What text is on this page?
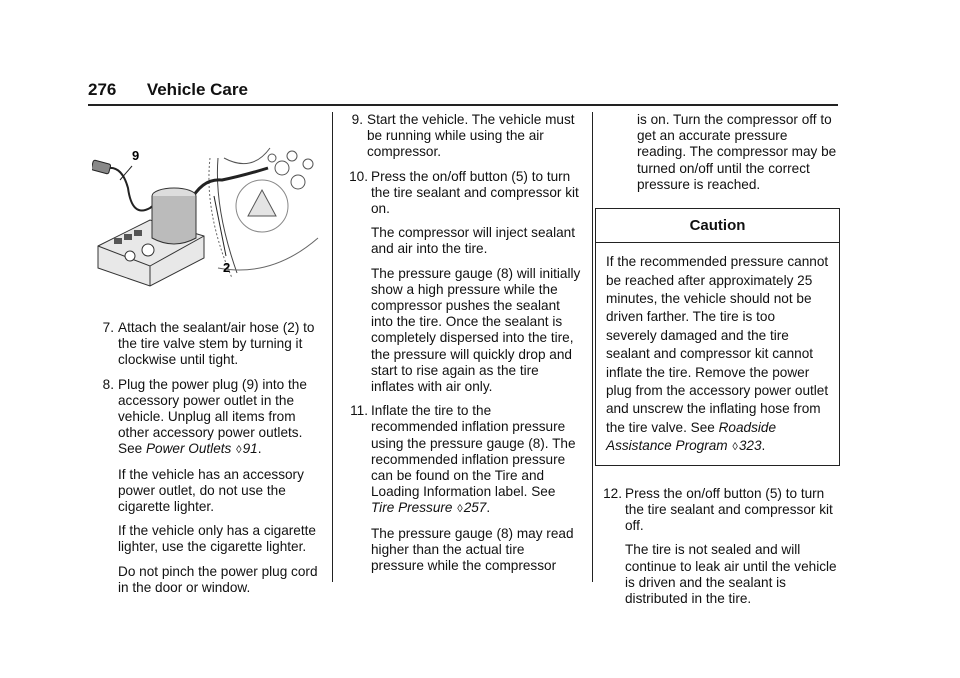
276 Vehicle Care
9
2
7. Attach the sealant/air hose (2) to the tire valve stem by turning it clockwise until tight.

8. Plug the power plug (9) into the accessory power outlet in the vehicle. Unplug all items from other accessory power outlets. See Power Outlets ◊91.

If the vehicle has an accessory power outlet, do not use the cigarette lighter.

If the vehicle only has a cigarette lighter, use the cigarette lighter.

Do not pinch the power plug cord in the door or window.

9. Start the vehicle. The vehicle must be running while using the air compressor.

10. Press the on/off button (5) to turn the tire sealant and compressor kit on.

The compressor will inject sealant and air into the tire.

The pressure gauge (8) will initially show a high pressure while the compressor pushes the sealant into the tire. Once the sealant is completely dispersed into the tire, the pressure will quickly drop and start to rise again as the tire inflates with air only.

11. Inflate the tire to the recommended inflation pressure using the pressure gauge (8). The recommended inflation pressure can be found on the Tire and Loading Information label. See Tire Pressure ◊257.

The pressure gauge (8) may read higher than the actual tire pressure while the compressor

is on. Turn the compressor off to get an accurate pressure reading. The compressor may be turned on/off until the correct pressure is reached.

Caution
If the recommended pressure cannot be reached after approximately 25 minutes, the vehicle should not be driven farther. The tire is too severely damaged and the tire sealant and compressor kit cannot inflate the tire. Remove the power plug from the accessory power outlet and unscrew the inflating hose from the tire valve. See Roadside Assistance Program ◊323.
12. Press the on/off button (5) to turn the tire sealant and compressor kit off.

The tire is not sealed and will continue to leak air until the vehicle is driven and the sealant is distributed in the tire.
